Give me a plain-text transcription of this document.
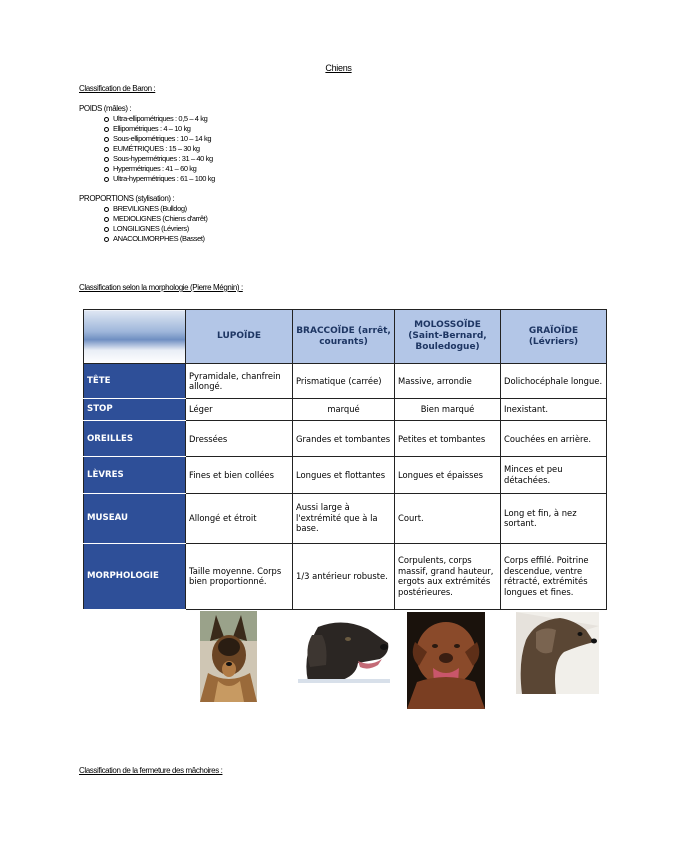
Chiens
Classification de Baron :
POIDS (mâles) :
Ultra-ellipométriques : 0,5 – 4 kg
Ellipométriques : 4 – 10 kg
Sous-ellipométriques : 10 – 14 kg
EUMÉTRIQUES : 15 – 30 kg
Sous-hypermétriques : 31 – 40 kg
Hypermétriques : 41 – 60 kg
Ultra-hypermétriques : 61 – 100 kg
PROPORTIONS (stylisation) :
BREVILIGNES (Bulldog)
MEDIOLIGNES (Chiens d'arrêt)
LONGILIGNES (Lévriers)
ANACOLIMORPHES (Basset)
Classification selon la morphologie (Pierre Mégnin) :
	LUPOÏDE	BRACCOÏDE (arrêt, courants)	MOLOSSOÏDE (Saint-Bernard, Bouledogue)	GRAÏOÏDE (Lévriers)
TÊTE	Pyramidale, chanfrein allongé.	Prismatique (carrée)	Massive, arrondie	Dolichocéphale longue.
STOP	Léger	marqué	Bien marqué	Inexistant.
OREILLES	Dressées	Grandes et tombantes	Petites et tombantes	Couchées en arrière.
LÈVRES	Fines et bien collées	Longues et flottantes	Longues et épaisses	Minces et peu détachées.
MUSEAU	Allongé et étroit	Aussi large à l'extrémité que à la base.	Court.	Long et fin, à nez sortant.
MORPHOLOGIE	Taille moyenne. Corps bien proportionné.	1/3 antérieur robuste.	Corpulents, corps massif, grand hauteur, ergots aux extrémités postérieures.	Corps effilé. Poitrine descendue, ventre rétracté, extrémités longues et fines.
Classification de la fermeture des mâchoires :
